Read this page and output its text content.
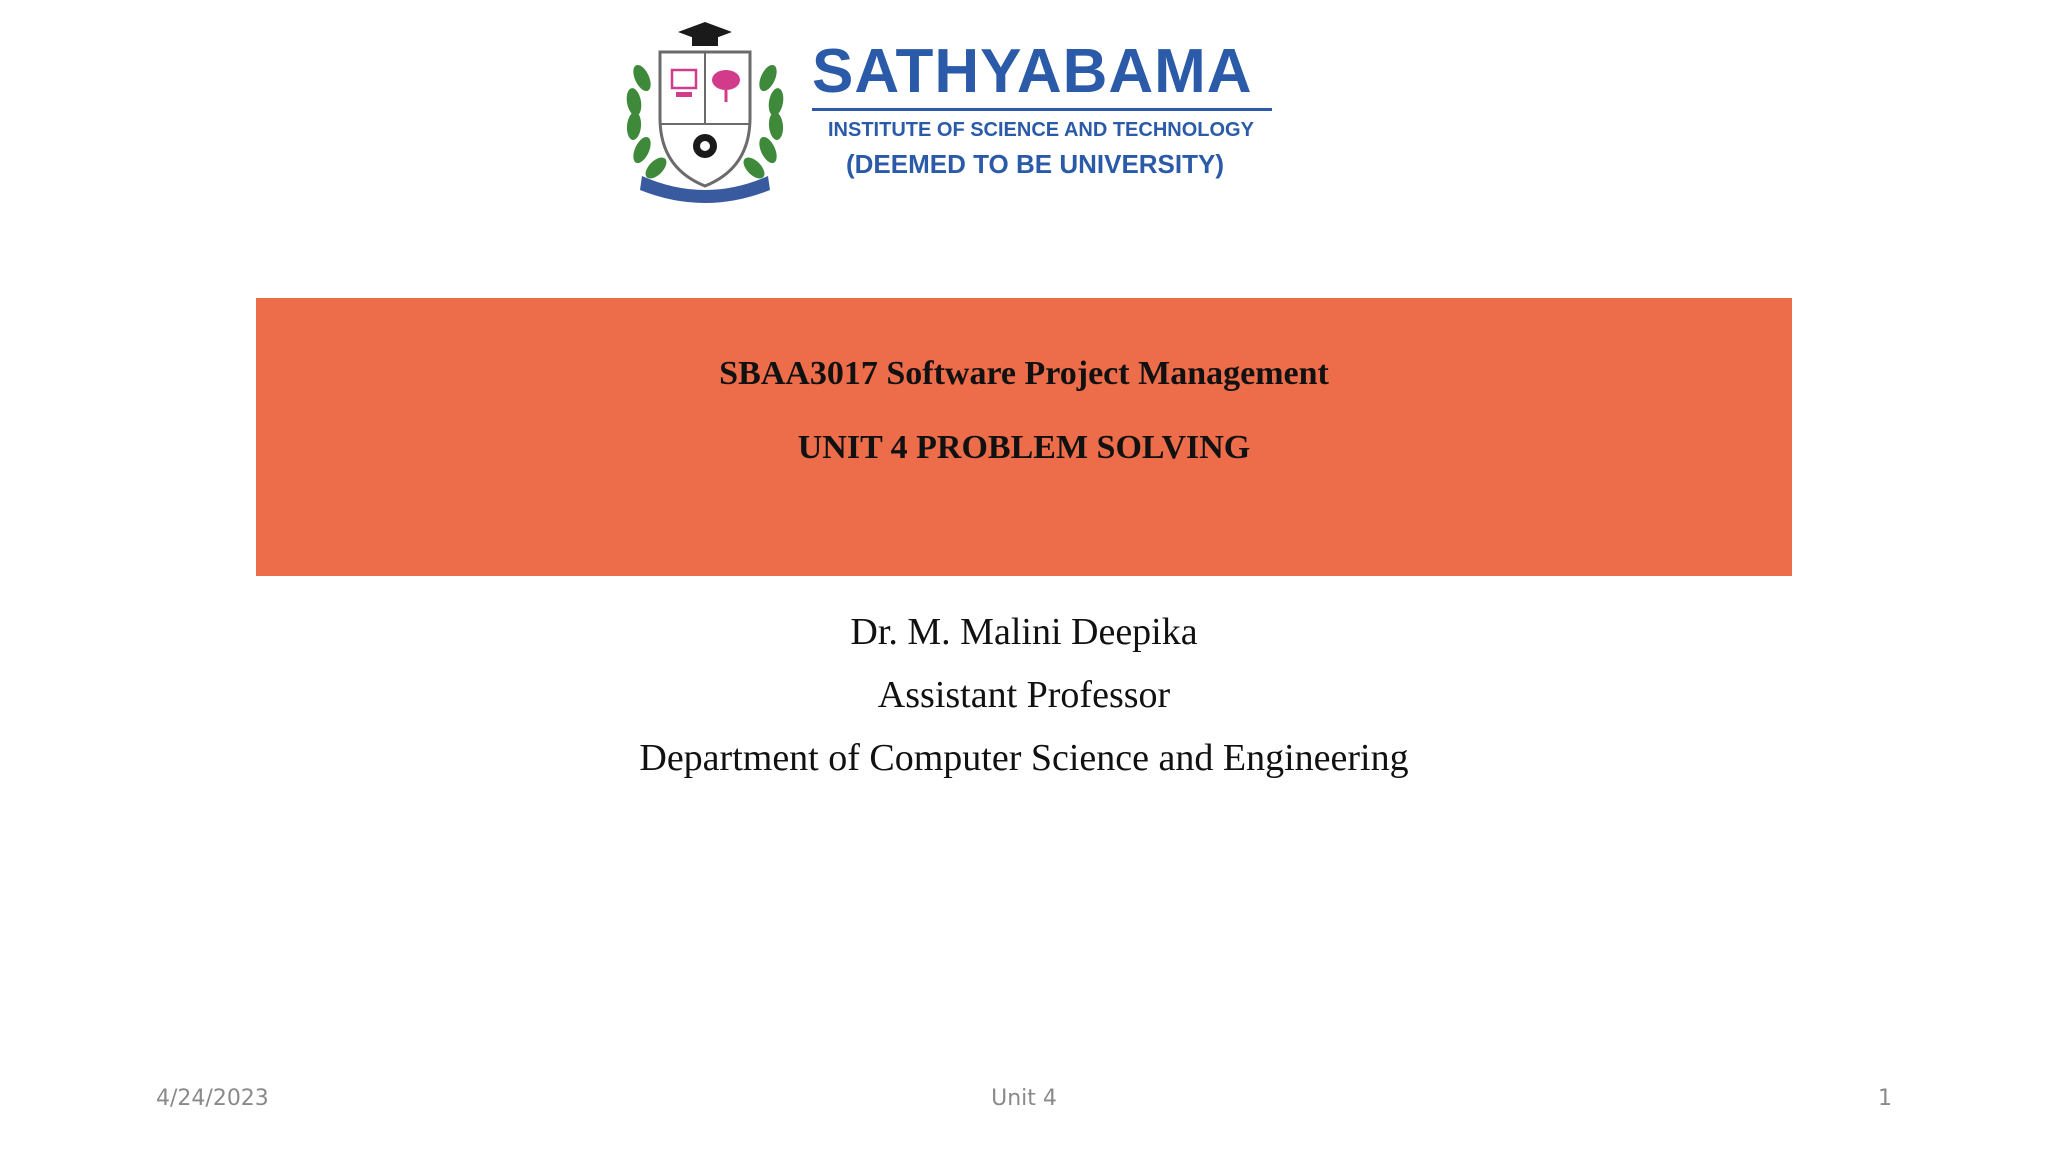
SATHYABAMA
INSTITUTE OF SCIENCE AND TECHNOLOGY
(DEEMED TO BE UNIVERSITY)
SBAA3017 Software Project Management
UNIT 4 PROBLEM SOLVING
Dr. M. Malini Deepika
Assistant Professor
Department of Computer Science and Engineering
4/24/2023	Unit 4	1
